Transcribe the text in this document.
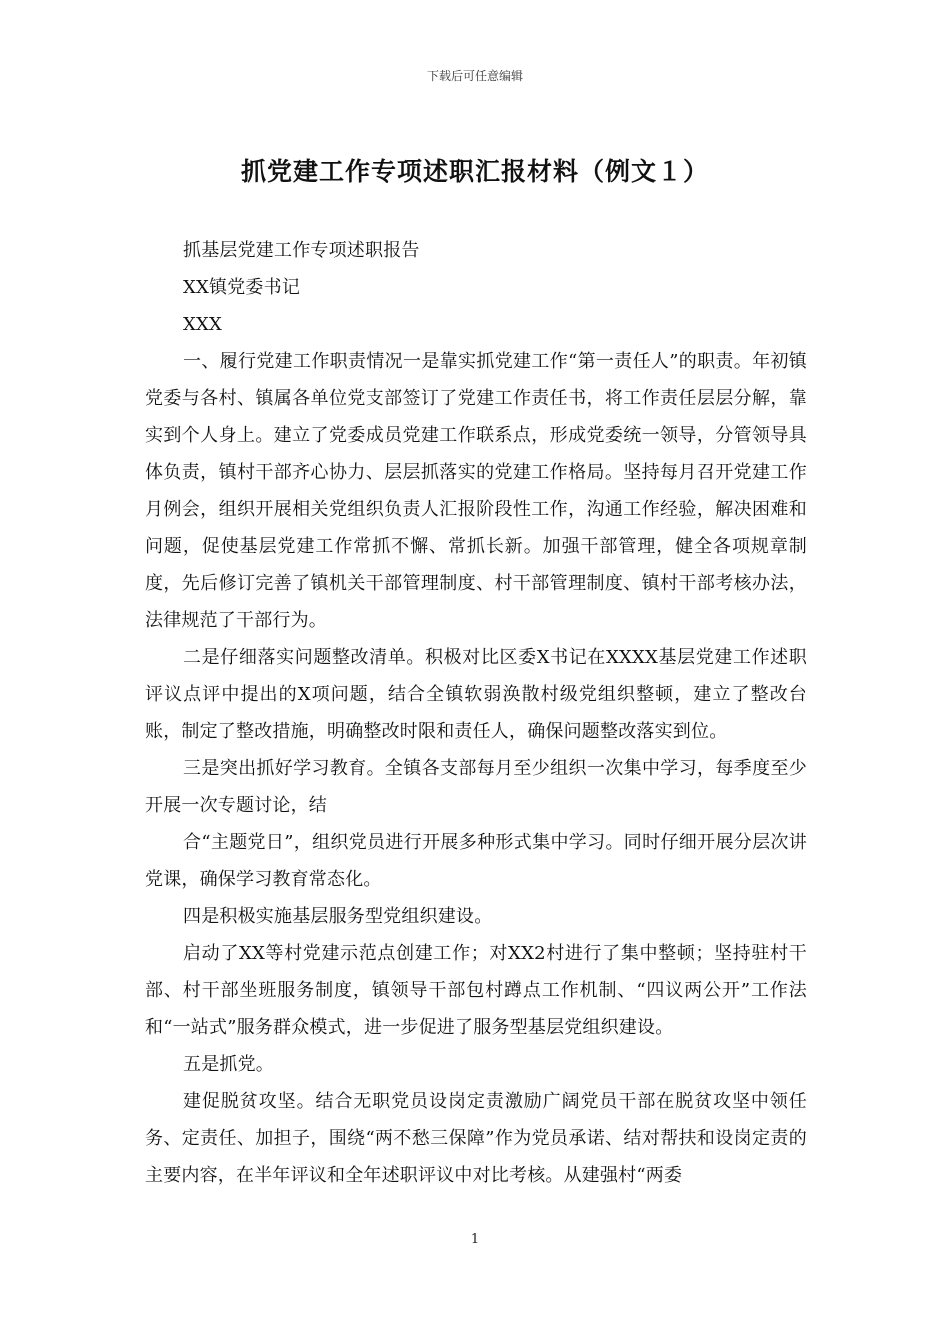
下载后可任意编辑
抓党建工作专项述职汇报材料（例文１）

抓基层党建工作专项述职报告

XX镇党委书记

XXX

一、履行党建工作职责情况一是靠实抓党建工作“第一责任人”的职责。年初镇党委与各村、镇属各单位党支部签订了党建工作责任书，将工作责任层层分解，靠实到个人身上。建立了党委成员党建工作联系点，形成党委统一领导，分管领导具体负责，镇村干部齐心协力、层层抓落实的党建工作格局。坚持每月召开党建工作月例会，组织开展相关党组织负责人汇报阶段性工作，沟通工作经验，解决困难和问题，促使基层党建工作常抓不懈、常抓长新。加强干部管理，健全各项规章制度，先后修订完善了镇机关干部管理制度、村干部管理制度、镇村干部考核办法，法律规范了干部行为。

二是仔细落实问题整改清单。积极对比区委X书记在XXXX基层党建工作述职评议点评中提出的X项问题，结合全镇软弱涣散村级党组织整顿，建立了整改台账，制定了整改措施，明确整改时限和责任人，确保问题整改落实到位。

三是突出抓好学习教育。全镇各支部每月至少组织一次集中学习，每季度至少开展一次专题讨论，结

合“主题党日”，组织党员进行开展多种形式集中学习。同时仔细开展分层次讲党课，确保学习教育常态化。

四是积极实施基层服务型党组织建设。

启动了XX等村党建示范点创建工作；对XX2村进行了集中整顿；坚持驻村干部、村干部坐班服务制度，镇领导干部包村蹲点工作机制、“四议两公开”工作法和“一站式”服务群众模式，进一步促进了服务型基层党组织建设。

五是抓党。

建促脱贫攻坚。结合无职党员设岗定责激励广阔党员干部在脱贫攻坚中领任务、定责任、加担子，围绕“两不愁三保障”作为党员承诺、结对帮扶和设岗定责的主要内容，在半年评议和全年述职评议中对比考核。从建强村“两委

1
